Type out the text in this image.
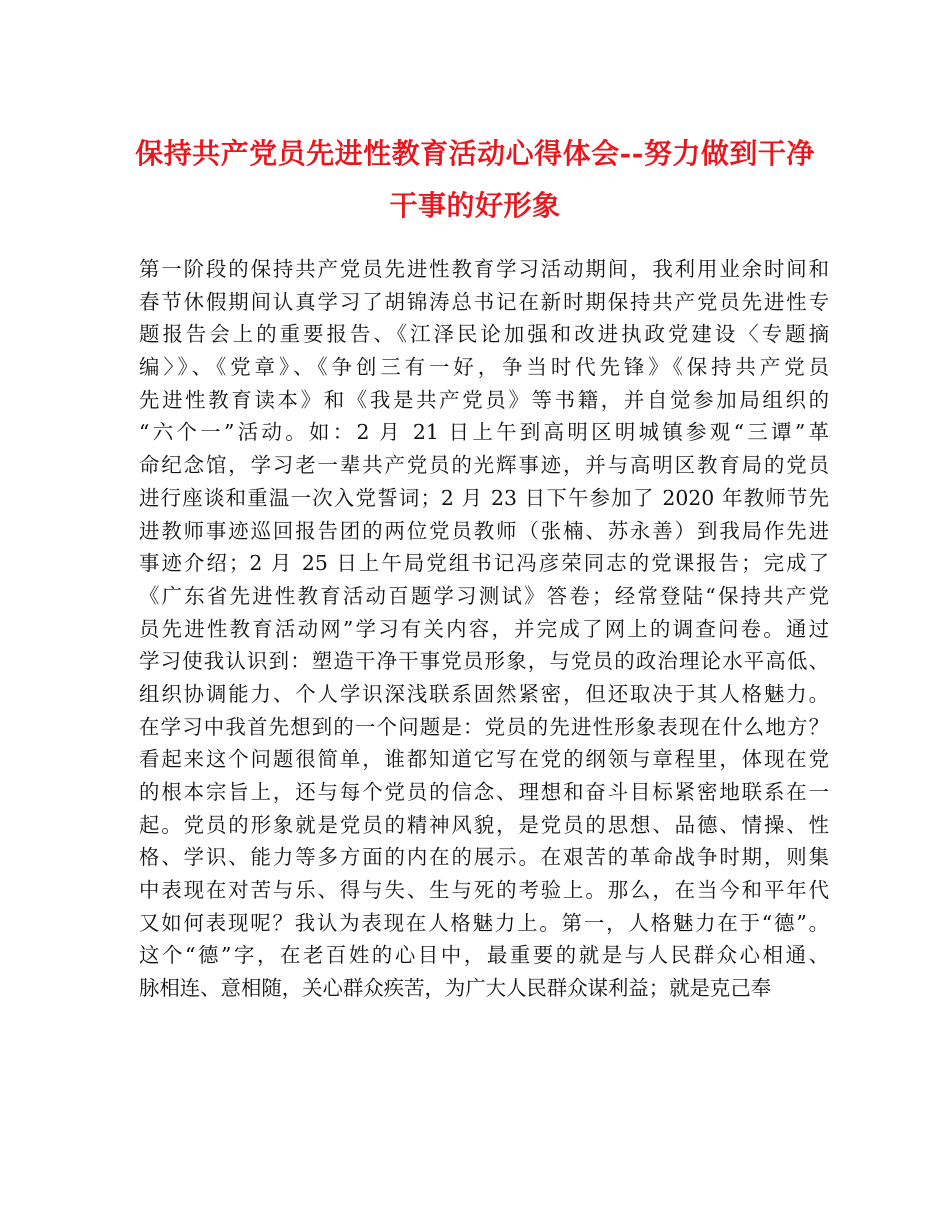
保持共产党员先进性教育活动心得体会--努力做到干净
干事的好形象
第一阶段的保持共产党员先进性教育学习活动期间，我利用业余时间和
春节休假期间认真学习了胡锦涛总书记在新时期保持共产党员先进性专
题报告会上的重要报告、《江泽民论加强和改进执政党建设〈专题摘
编〉》、《党章》、《争创三有一好，争当时代先锋》《保持共产党员
先进性教育读本》和《我是共产党员》等书籍，并自觉参加局组织的
“六个一”活动。如：2 月 21 日上午到高明区明城镇参观“三谭”革
命纪念馆，学习老一辈共产党员的光辉事迹，并与高明区教育局的党员
进行座谈和重温一次入党誓词；2 月 23 日下午参加了 2020 年教师节先
进教师事迹巡回报告团的两位党员教师（张楠、苏永善）到我局作先进
事迹介绍；2 月 25 日上午局党组书记冯彦荣同志的党课报告；完成了
《广东省先进性教育活动百题学习测试》答卷；经常登陆“保持共产党
员先进性教育活动网”学习有关内容，并完成了网上的调查问卷。通过
学习使我认识到：塑造干净干事党员形象，与党员的政治理论水平高低、
组织协调能力、个人学识深浅联系固然紧密，但还取决于其人格魅力。
在学习中我首先想到的一个问题是：党员的先进性形象表现在什么地方？
看起来这个问题很简单，谁都知道它写在党的纲领与章程里，体现在党
的根本宗旨上，还与每个党员的信念、理想和奋斗目标紧密地联系在一
起。党员的形象就是党员的精神风貌，是党员的思想、品德、情操、性
格、学识、能力等多方面的内在的展示。在艰苦的革命战争时期，则集
中表现在对苦与乐、得与失、生与死的考验上。那么，在当今和平年代
又如何表现呢？我认为表现在人格魅力上。第一，人格魅力在于“德”。
这个“德”字，在老百姓的心目中，最重要的就是与人民群众心相通、
脉相连、意相随，关心群众疾苦，为广大人民群众谋利益；就是克己奉
